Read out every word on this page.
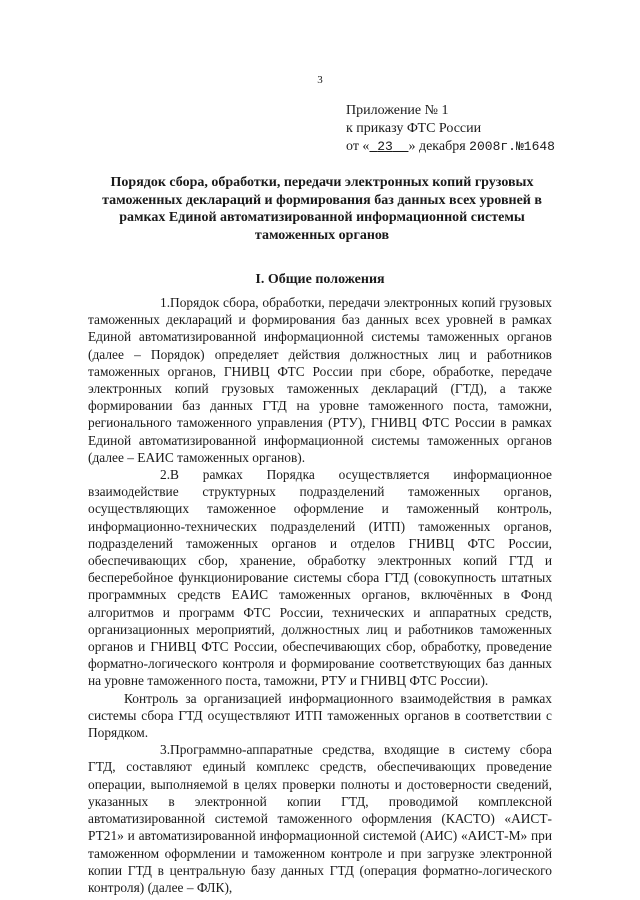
3
Приложение № 1
к приказу ФТС России
от « 23 » декабря 2008г.№1648
Порядок сбора, обработки, передачи электронных копий грузовых таможенных деклараций и формирования баз данных всех уровней в рамках Единой автоматизированной информационной системы таможенных органов
I. Общие положения

1.Порядок сбора, обработки, передачи электронных копий грузовых таможенных деклараций и формирования баз данных всех уровней в рамках Единой автоматизированной информационной системы таможенных органов (далее – Порядок) определяет действия должностных лиц и работников таможенных органов, ГНИВЦ ФТС России при сборе, обработке, передаче электронных копий грузовых таможенных деклараций (ГТД), а также формировании баз данных ГТД на уровне таможенного поста, таможни, регионального таможенного управления (РТУ), ГНИВЦ ФТС России в рамках Единой автоматизированной информационной системы таможенных органов (далее – ЕАИС таможенных органов).

2.В рамках Порядка осуществляется информационное взаимодействие структурных подразделений таможенных органов, осуществляющих таможенное оформление и таможенный контроль, информационно-технических подразделений (ИТП) таможенных органов, подразделений таможенных органов и отделов ГНИВЦ ФТС России, обеспечивающих сбор, хранение, обработку электронных копий ГТД и бесперебойное функционирование системы сбора ГТД (совокупность штатных программных средств ЕАИС таможенных органов, включённых в Фонд алгоритмов и программ ФТС России, технических и аппаратных средств, организационных мероприятий, должностных лиц и работников таможенных органов и ГНИВЦ ФТС России, обеспечивающих сбор, обработку, проведение форматно-логического контроля и формирование соответствующих баз данных на уровне таможенного поста, таможни, РТУ и ГНИВЦ ФТС России).

Контроль за организацией информационного взаимодействия в рамках системы сбора ГТД осуществляют ИТП таможенных органов в соответствии с Порядком.

3.Программно-аппаратные средства, входящие в систему сбора ГТД, составляют единый комплекс средств, обеспечивающих проведение операции, выполняемой в целях проверки полноты и достоверности сведений, указанных в электронной копии ГТД, проводимой комплексной автоматизированной системой таможенного оформления (КАСТО) «АИСТ-РТ21» и автоматизированной информационной системой (АИС) «АИСТ-М» при таможенном оформлении и таможенном контроле и при загрузке электронной копии ГТД в центральную базу данных ГТД (операция форматно-логического контроля) (далее – ФЛК),
